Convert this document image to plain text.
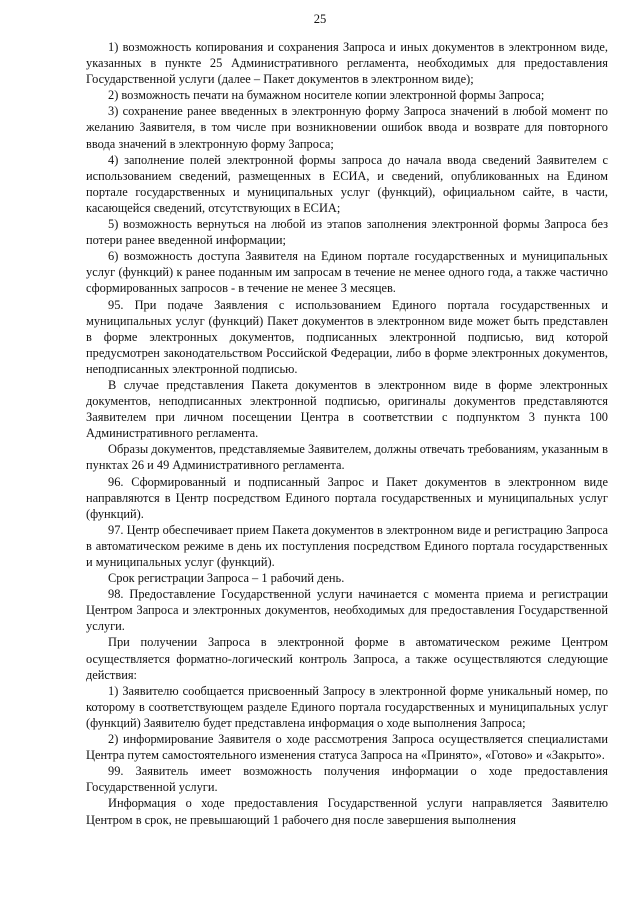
25

1) возможность копирования и сохранения Запроса и иных документов в электронном виде, указанных в пункте 25 Административного регламента, необходимых для предоставления Государственной услуги (далее – Пакет документов в электронном виде);

2) возможность печати на бумажном носителе копии электронной формы Запроса;

3) сохранение ранее введенных в электронную форму Запроса значений в любой момент по желанию Заявителя, в том числе при возникновении ошибок ввода и возврате для повторного ввода значений в электронную форму Запроса;

4) заполнение полей электронной формы запроса до начала ввода сведений Заявителем с использованием сведений, размещенных в ЕСИА, и сведений, опубликованных на Едином портале государственных и муниципальных услуг (функций), официальном сайте, в части, касающейся сведений, отсутствующих в ЕСИА;

5) возможность вернуться на любой из этапов заполнения электронной формы Запроса без потери ранее введенной информации;

6) возможность доступа Заявителя на Едином портале государственных и муниципальных услуг (функций) к ранее поданным им запросам в течение не менее одного года, а также частично сформированных запросов - в течение не менее 3 месяцев.

95. При подаче Заявления с использованием Единого портала государственных и муниципальных услуг (функций) Пакет документов в электронном виде может быть представлен в форме электронных документов, подписанных электронной подписью, вид которой предусмотрен законодательством Российской Федерации, либо в форме электронных документов, неподписанных электронной подписью.

В случае представления Пакета документов в электронном виде в форме электронных документов, неподписанных электронной подписью, оригиналы документов представляются Заявителем при личном посещении Центра в соответствии с подпунктом 3 пункта 100 Административного регламента.

Образы документов, представляемые Заявителем, должны отвечать требованиям, указанным в пунктах 26 и 49 Административного регламента.

96. Сформированный и подписанный Запрос и Пакет документов в электронном виде направляются в Центр посредством Единого портала государственных и муниципальных услуг (функций).

97. Центр обеспечивает прием Пакета документов в электронном виде и регистрацию Запроса в автоматическом режиме в день их поступления посредством Единого портала государственных и муниципальных услуг (функций).

Срок регистрации Запроса – 1 рабочий день.

98. Предоставление Государственной услуги начинается с момента приема и регистрации Центром Запроса и электронных документов, необходимых для предоставления Государственной услуги.

При получении Запроса в электронной форме в автоматическом режиме Центром осуществляется форматно-логический контроль Запроса, а также осуществляются следующие действия:

1) Заявителю сообщается присвоенный Запросу в электронной форме уникальный номер, по которому в соответствующем разделе Единого портала государственных и муниципальных услуг (функций) Заявителю будет представлена информация о ходе выполнения Запроса;

2) информирование Заявителя о ходе рассмотрения Запроса осуществляется специалистами Центра путем самостоятельного изменения статуса Запроса на «Принято», «Готово» и «Закрыто».

99. Заявитель имеет возможность получения информации о ходе предоставления Государственной услуги.

Информация о ходе предоставления Государственной услуги направляется Заявителю Центром в срок, не превышающий 1 рабочего дня после завершения выполнения
